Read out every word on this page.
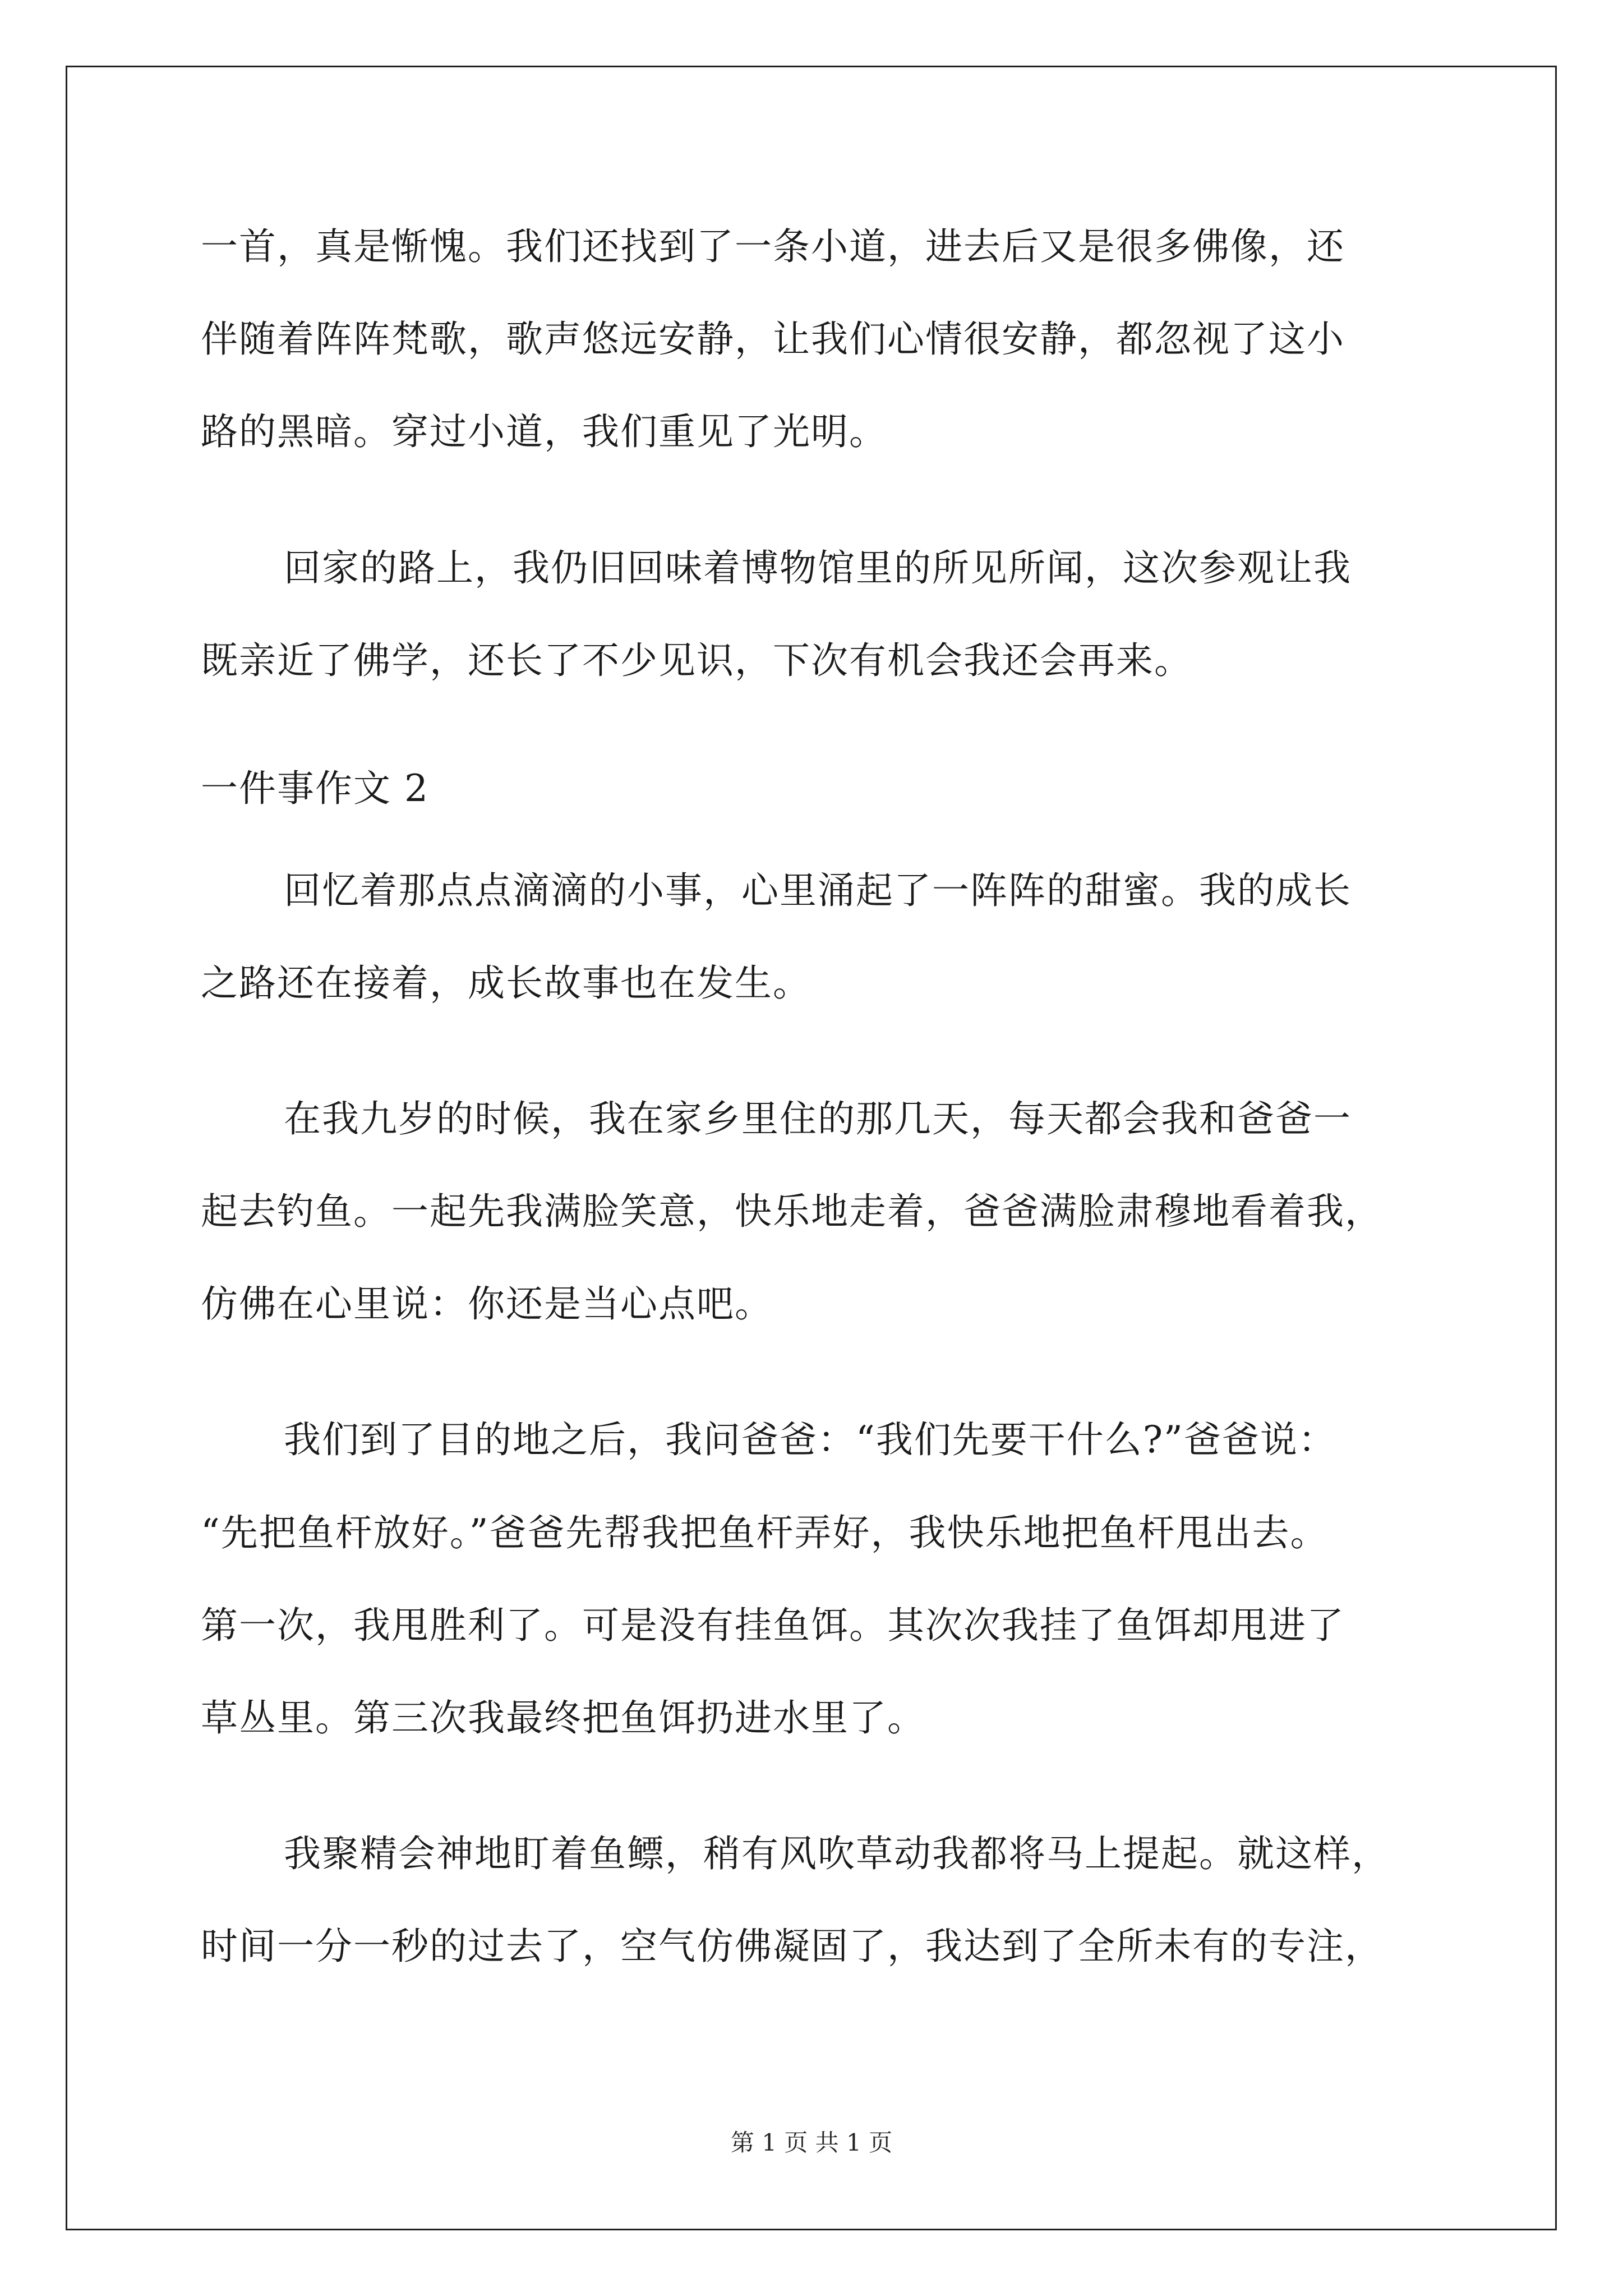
一首，真是惭愧。我们还找到了一条小道，进去后又是很多佛像，还
伴随着阵阵梵歌，歌声悠远安静，让我们心情很安静，都忽视了这小
路的黑暗。穿过小道，我们重见了光明。
回家的路上，我仍旧回味着博物馆里的所见所闻，这次参观让我
既亲近了佛学，还长了不少见识，下次有机会我还会再来。
一件事作文 2
回忆着那点点滴滴的小事，心里涌起了一阵阵的甜蜜。我的成长
之路还在接着，成长故事也在发生。
在我九岁的时候，我在家乡里住的那几天，每天都会我和爸爸一
起去钓鱼。一起先我满脸笑意，快乐地走着，爸爸满脸肃穆地看着我，
仿佛在心里说：你还是当心点吧。
我们到了目的地之后，我问爸爸：“我们先要干什么?”爸爸说：
“先把鱼杆放好。”爸爸先帮我把鱼杆弄好，我快乐地把鱼杆甩出去。
第一次，我甩胜利了。可是没有挂鱼饵。其次次我挂了鱼饵却甩进了
草丛里。第三次我最终把鱼饵扔进水里了。
我聚精会神地盯着鱼鳔，稍有风吹草动我都将马上提起。就这样，
时间一分一秒的过去了，空气仿佛凝固了，我达到了全所未有的专注，
第 1 页 共 1 页
